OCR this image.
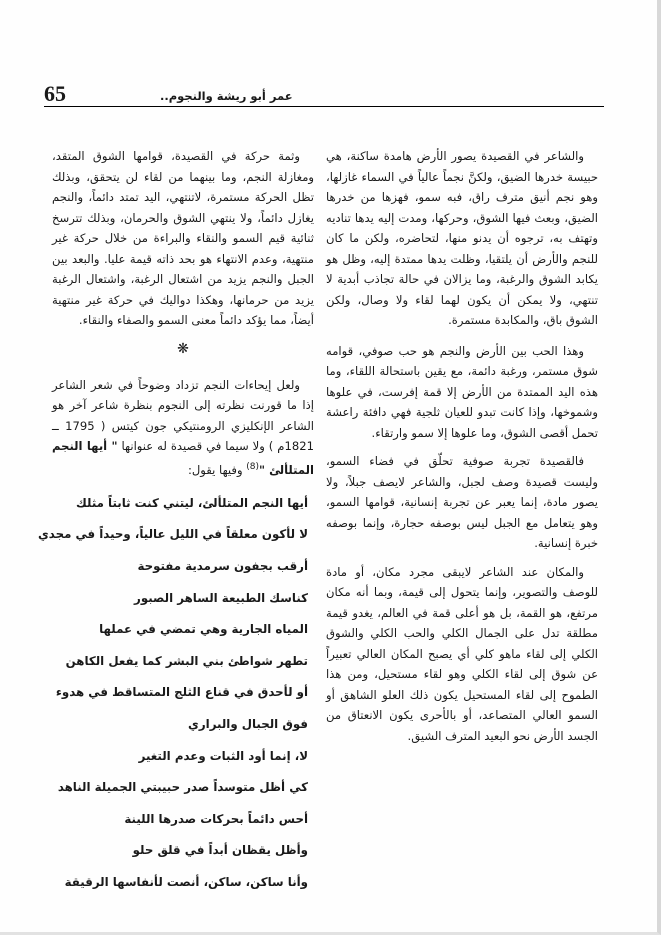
65	عمر أبو ريشة والنجوم..

والشاعر في القصيدة يصور الأرض هامدة ساكنة، هي حبيسة خدرها الضيق، ولكنَّ نجماً عالياً في السماء غازلها، وهو نجم أنيق مترف راق، فبه سمو، فهزها من خدرها الضيق، وبعث فيها الشوق، وحركها، ومدت إليه يدها تناديه وتهتف به، ترجوه أن يدنو منها، لتحاضره، ولكن ما كان للنجم والأرض أن يلتقيا، وظلت يدها ممتدة إليه، وظل هو يكابد الشوق والرغبة، وما يزالان في حالة تجاذب أبدية لا تنتهي، ولا يمكن أن يكون لهما لقاء ولا وصال، ولكن الشوق باق، والمكابدة مستمرة.

وهذا الحب بين الأرض والنجم هو حب صوفي، قوامه شوق مستمر، ورغبة دائمة، مع يقين باستحالة اللقاء، وما هذه اليد الممتدة من الأرض إلا قمة إفرست، في علوها وشموخها، وإذا كانت تبدو للعيان ثلجية فهي دافئة راعشة تحمل أقصى الشوق، وما علوها إلا سمو وارتقاء.

فالقصيدة تجربة صوفية تحلّق في فضاء السمو، وليست قصيدة وصف لجبل، والشاعر لايصف جبلاً، ولا يصور مادة، إنما يعبر عن تجربة إنسانية، قوامها السمو، وهو يتعامل مع الجبل ليس بوصفه حجارة، وإنما بوصفه خبرة إنسانية.

والمكان عند الشاعر لايبقى مجرد مكان، أو مادة للوصف والتصوير، وإنما يتحول إلى قيمة، وبما أنه مكان مرتفع، هو القمة، بل هو أعلى قمة في العالم، يغدو قيمة مطلقة تدل على الجمال الكلي والحب الكلي والشوق الكلي إلى لقاء ماهو كلي أي يصبح المكان العالي تعبيراً عن شوق إلى لقاء الكلي وهو لقاء مستحيل، ومن هذا الطموح إلى لقاء المستحيل يكون ذلك العلو الشاهق أو السمو العالي المتصاعد، أو بالأحرى يكون الانعتاق من الجسد الأرض نحو البعيد المترف الشيق.

وثمة حركة في القصيدة، قوامها الشوق المتقد، ومغازلة النجم، وما بينهما من لقاء لن يتحقق، وبذلك تظل الحركة مستمرة، لاتنتهي، اليد تمتد دائماً، والنجم يغازل دائماً، ولا ينتهي الشوق والحرمان، وبذلك تترسخ ثنائية قيم السمو والنقاء والبراءة من خلال حركة غير منتهية، وعدم الانتهاء هو بحد ذاته قيمة عليا. والبعد بين الجبل والنجم يزيد من اشتعال الرغبة، واشتعال الرغبة يزيد من حرمانها، وهكذا دواليك في حركة غير منتهية أيضاً، مما يؤكد دائماً معنى السمو والصفاء والنقاء.

❋

ولعل إيحاءات النجم تزداد وضوحاً في شعر الشاعر إذا ما قورنت نظرته إلى النجوم بنظرة شاعر آخر هو الشاعر الإنكليزي الرومنتيكي جون كيتس ( 1795 ــ 1821م ) ولا سيما في قصيدة له عنوانها " أيها النجم المتلألئ "$^{(8)}$ وفيها يقول:

أيها النجم المتلألئ، ليتني كنت ثابتاً مثلك
لا لأكون معلقاً في الليل عالياً، وحيداً في مجدي
أرقب بجفون سرمدية مفتوحة
كناسك الطبيعة الساهر الصبور
المياه الجارية وهي تمضي في عملها
تطهر شواطئ بني البشر كما يفعل الكاهن
أو لأحدق في قناع الثلج المتساقط في هدوء
فوق الجبال والبراري
لا، إنما أود الثبات وعدم التغير
كي أظل متوسداً صدر حبيبتي الجميلة الناهد
أحس دائماً بحركات صدرها اللينة
وأظل يقظان أبداً في قلق حلو
وأنا ساكن، ساكن، أنصت لأنفاسها الرقيقة
